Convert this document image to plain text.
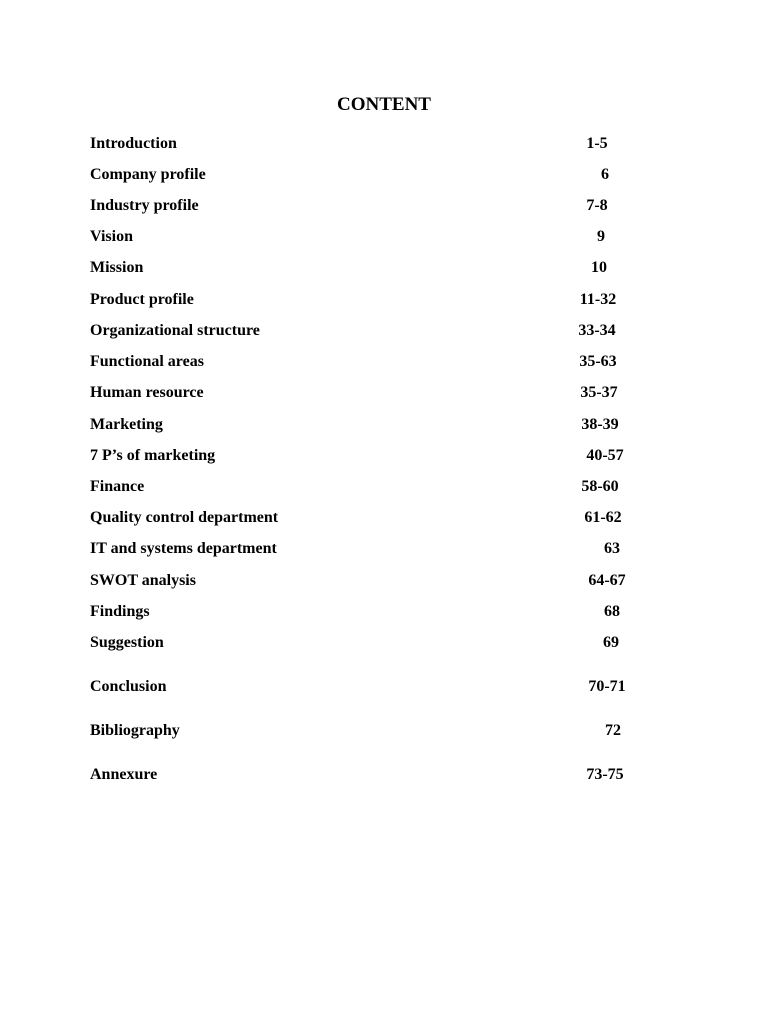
CONTENT
Introduction	1-5
Company profile	6
Industry profile	7-8
Vision	9
Mission	10
Product profile	11-32
Organizational structure	33-34
Functional areas	35-63
Human resource	35-37
Marketing	38-39
7 P’s of marketing	40-57
Finance	58-60
Quality control department	61-62
IT and systems department	63
SWOT analysis	64-67
Findings	68
Suggestion	69
Conclusion	70-71
Bibliography	72
Annexure	73-75
